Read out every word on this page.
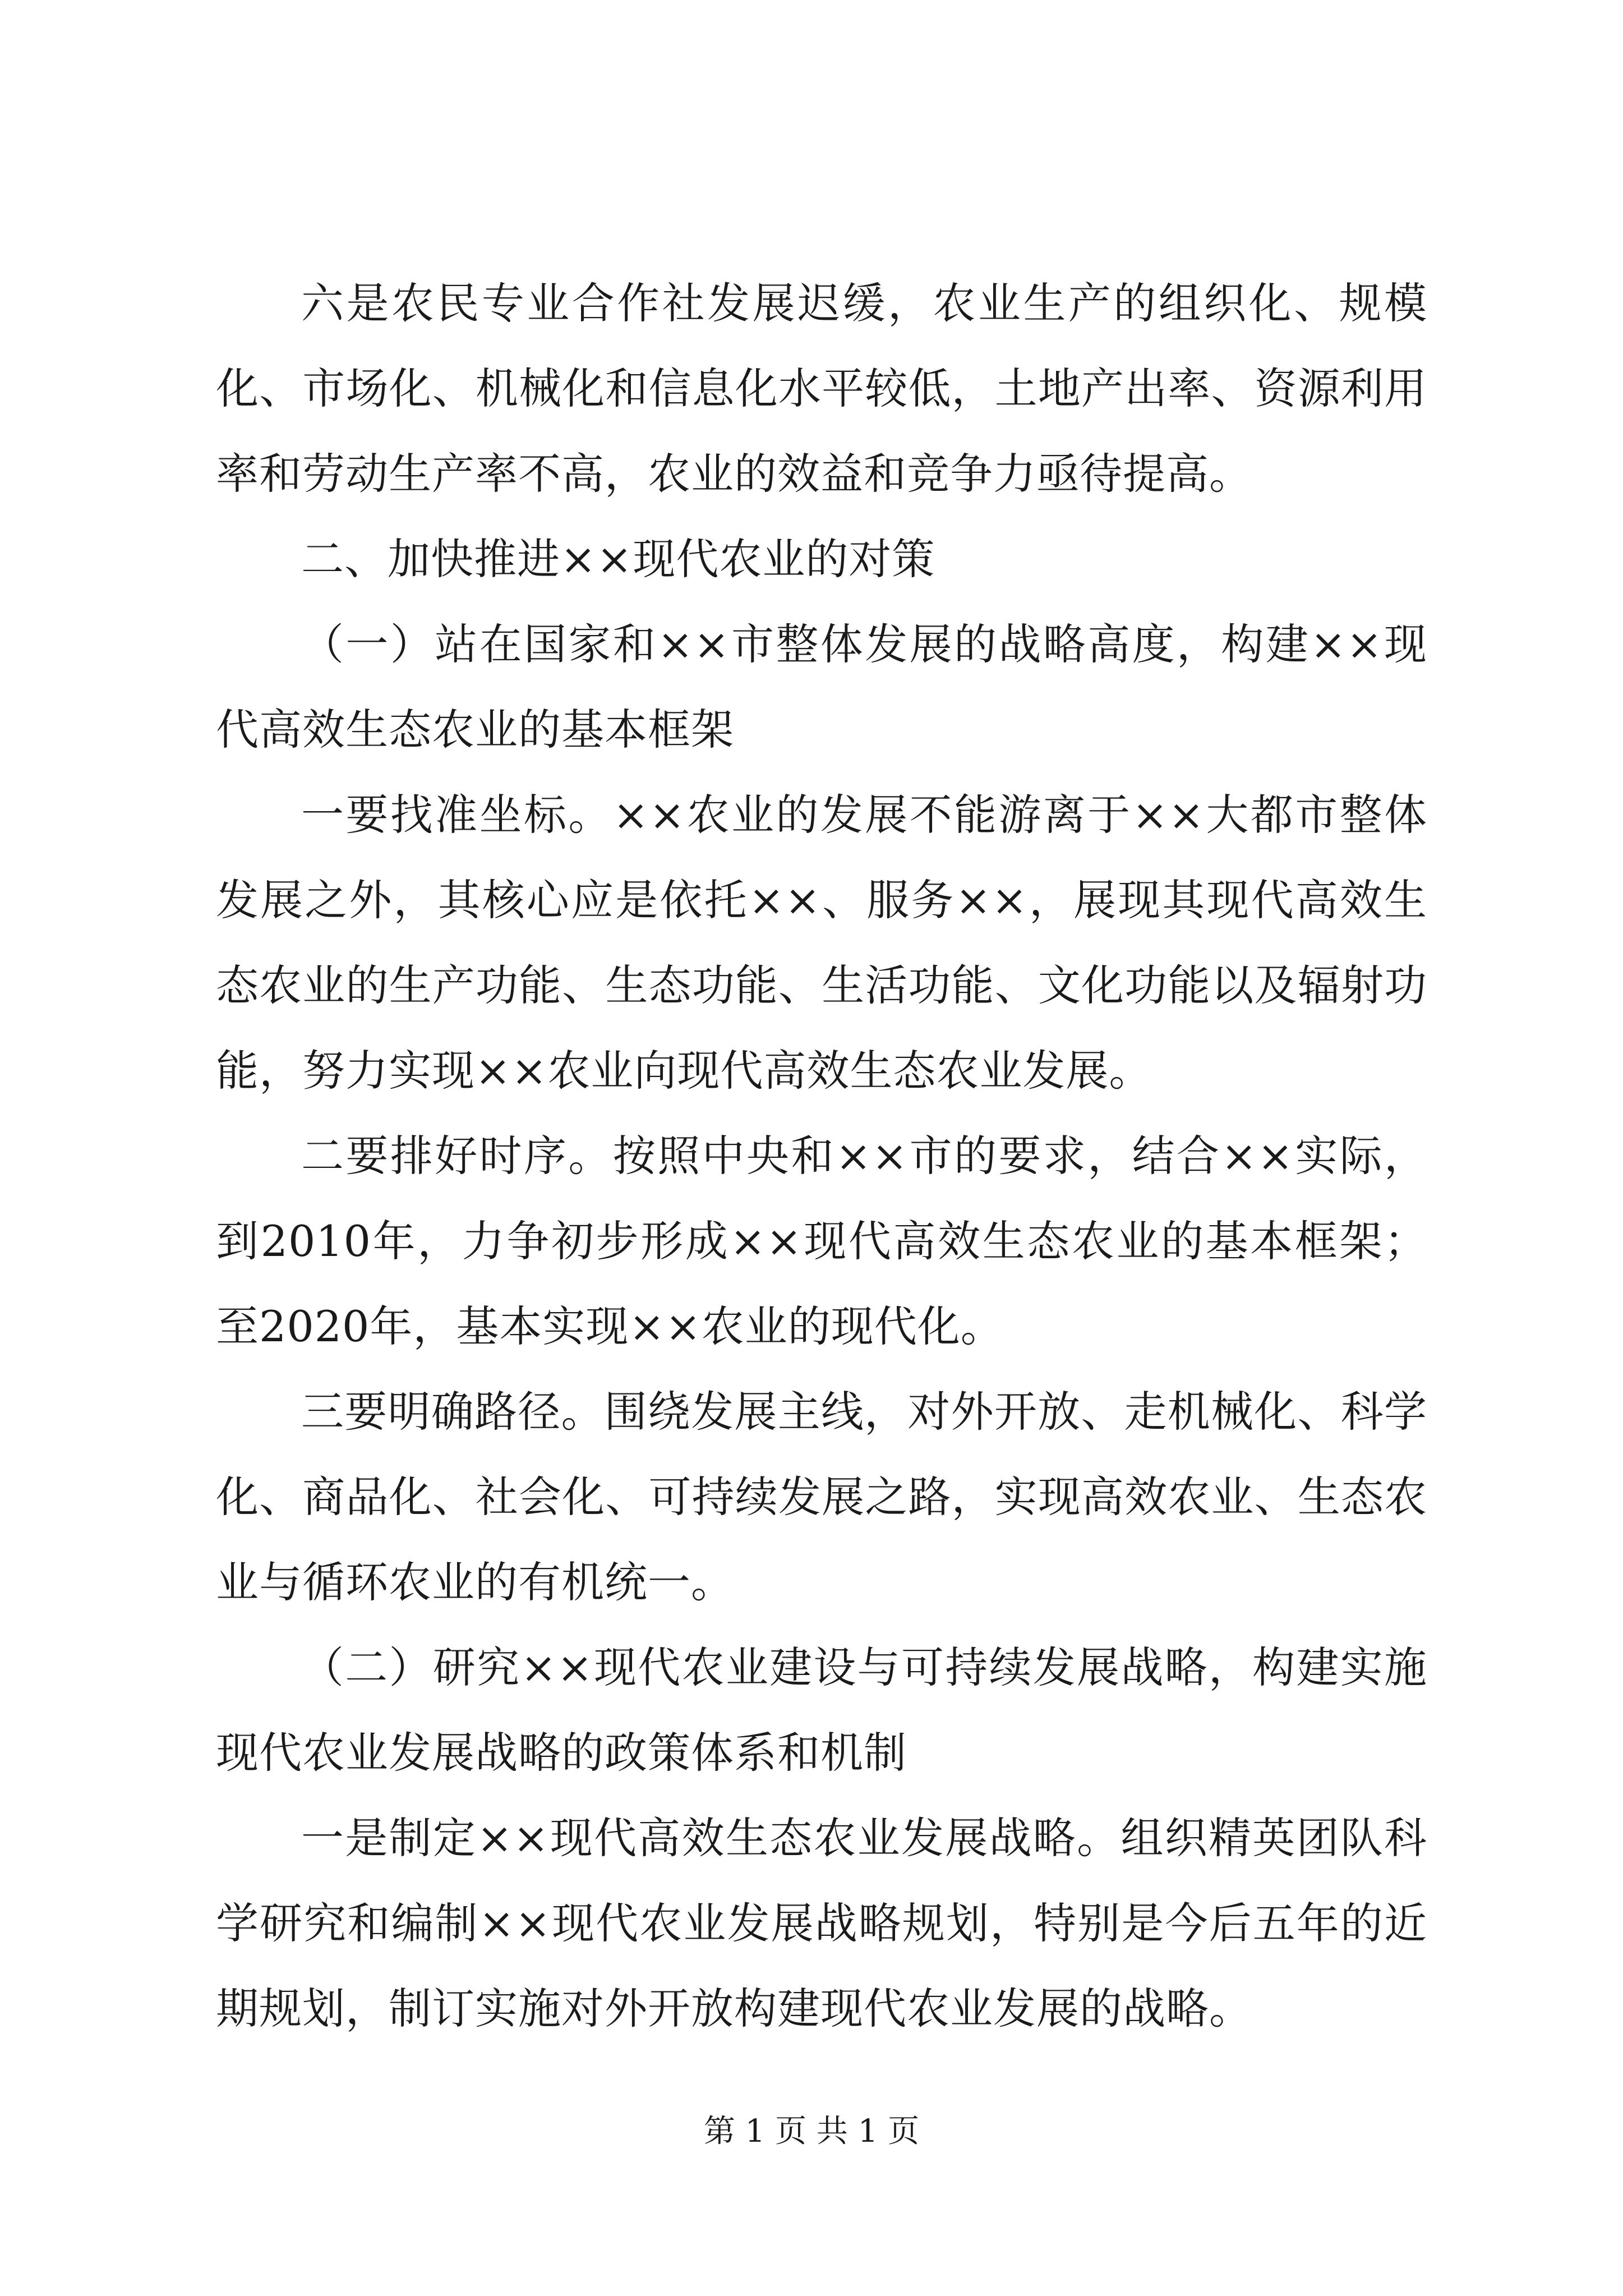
六是农民专业合作社发展迟缓，农业生产的组织化、规模化、市场化、机械化和信息化水平较低，土地产出率、资源利用率和劳动生产率不高，农业的效益和竞争力亟待提高。

二、加快推进××现代农业的对策

（一）站在国家和××市整体发展的战略高度，构建××现代高效生态农业的基本框架

一要找准坐标。××农业的发展不能游离于××大都市整体发展之外，其核心应是依托××、服务××，展现其现代高效生态农业的生产功能、生态功能、生活功能、文化功能以及辐射功能，努力实现××农业向现代高效生态农业发展。

二要排好时序。按照中央和××市的要求，结合××实际，到2010年，力争初步形成××现代高效生态农业的基本框架；至2020年，基本实现××农业的现代化。

三要明确路径。围绕发展主线，对外开放、走机械化、科学化、商品化、社会化、可持续发展之路，实现高效农业、生态农业与循环农业的有机统一。

（二）研究××现代农业建设与可持续发展战略，构建实施现代农业发展战略的政策体系和机制

一是制定××现代高效生态农业发展战略。组织精英团队科学研究和编制××现代农业发展战略规划，特别是今后五年的近期规划，制订实施对外开放构建现代农业发展的战略。

第 1 页 共 1 页
